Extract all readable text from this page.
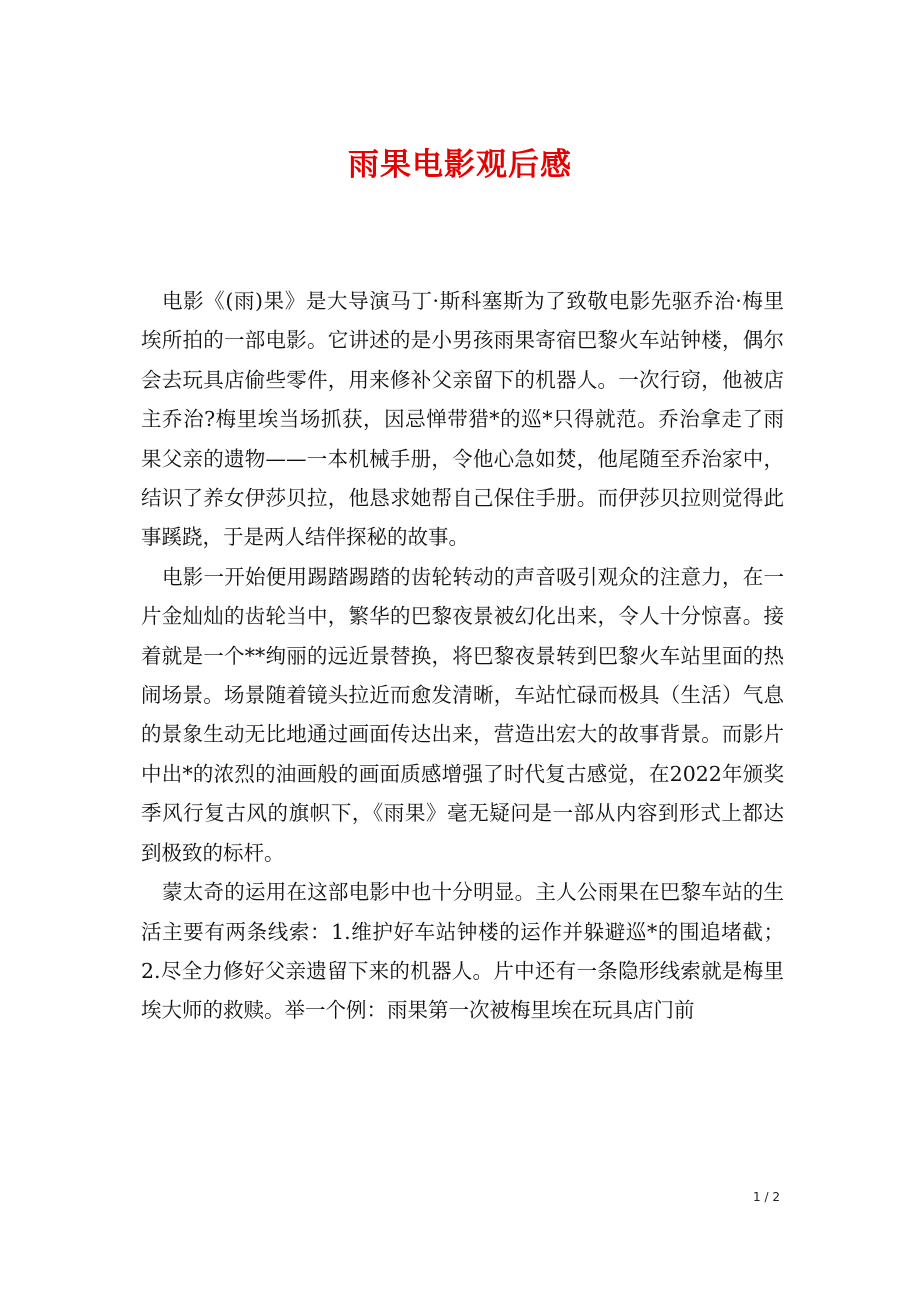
雨果电影观后感

电影《(雨)果》是大导演马丁·斯科塞斯为了致敬电影先驱乔治·梅里埃所拍的一部电影。它讲述的是小男孩雨果寄宿巴黎火车站钟楼，偶尔会去玩具店偷些零件，用来修补父亲留下的机器人。一次行窃，他被店主乔治?梅里埃当场抓获，因忌惮带猎*的巡*只得就范。乔治拿走了雨果父亲的遗物——一本机械手册，令他心急如焚，他尾随至乔治家中，结识了养女伊莎贝拉，他恳求她帮自己保住手册。而伊莎贝拉则觉得此事蹊跷，于是两人结伴探秘的故事。

电影一开始便用踢踏踢踏的齿轮转动的声音吸引观众的注意力，在一片金灿灿的齿轮当中，繁华的巴黎夜景被幻化出来，令人十分惊喜。接着就是一个**绚丽的远近景替换，将巴黎夜景转到巴黎火车站里面的热闹场景。场景随着镜头拉近而愈发清晰，车站忙碌而极具（生活）气息的景象生动无比地通过画面传达出来，营造出宏大的故事背景。而影片中出*的浓烈的油画般的画面质感增强了时代复古感觉，在2022年颁奖季风行复古风的旗帜下，《雨果》毫无疑问是一部从内容到形式上都达到极致的标杆。

蒙太奇的运用在这部电影中也十分明显。主人公雨果在巴黎车站的生活主要有两条线索：1.维护好车站钟楼的运作并躲避巡*的围追堵截；2.尽全力修好父亲遗留下来的机器人。片中还有一条隐形线索就是梅里埃大师的救赎。举一个例：雨果第一次被梅里埃在玩具店门前

1 / 2
